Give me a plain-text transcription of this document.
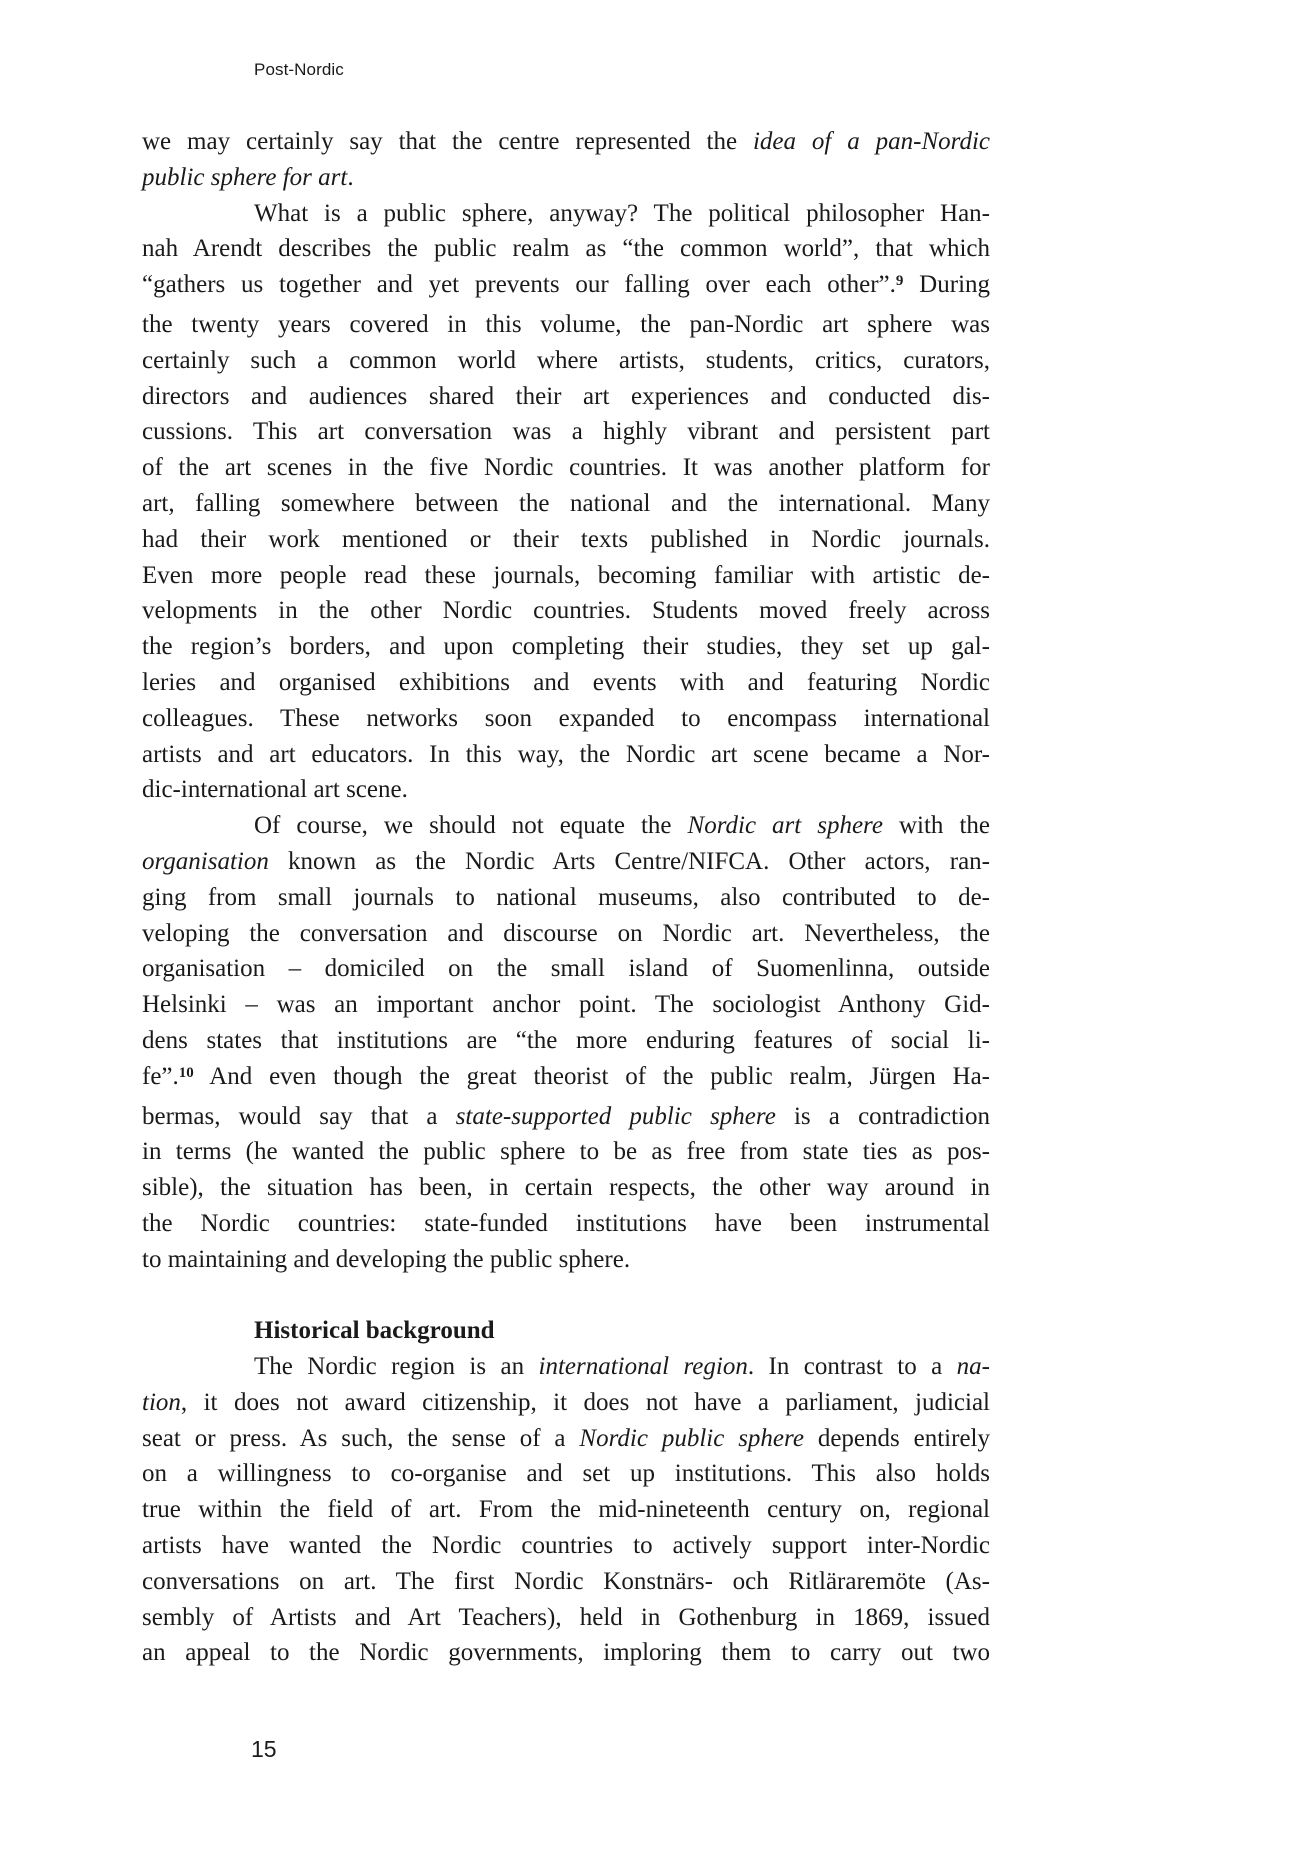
Post-Nordic

we may certainly say that the centre represented the idea of a pan-Nordic
public sphere for art.

What is a public sphere, anyway? The political philosopher Han-
nah Arendt describes the public realm as “the common world”, that which
“gathers us together and yet prevents our falling over each other”.$^9$ During
the twenty years covered in this volume, the pan-Nordic art sphere was
certainly such a common world where artists, students, critics, curators,
directors and audiences shared their art experiences and conducted dis-
cussions. This art conversation was a highly vibrant and persistent part
of the art scenes in the five Nordic countries. It was another platform for
art, falling somewhere between the national and the international. Many
had their work mentioned or their texts published in Nordic journals.
Even more people read these journals, becoming familiar with artistic de-
velopments in the other Nordic countries. Students moved freely across
the region’s borders, and upon completing their studies, they set up gal-
leries and organised exhibitions and events with and featuring Nordic
colleagues. These networks soon expanded to encompass international
artists and art educators. In this way, the Nordic art scene became a Nor-
dic-international art scene.

Of course, we should not equate the Nordic art sphere with the
organisation known as the Nordic Arts Centre/NIFCA. Other actors, ran-
ging from small journals to national museums, also contributed to de-
veloping the conversation and discourse on Nordic art. Nevertheless, the
organisation – domiciled on the small island of Suomenlinna, outside
Helsinki – was an important anchor point. The sociologist Anthony Gid-
dens states that institutions are “the more enduring features of social li-
fe”.$^{10}$ And even though the great theorist of the public realm, Jürgen Ha-
bermas, would say that a state-supported public sphere is a contradiction
in terms (he wanted the public sphere to be as free from state ties as pos-
sible), the situation has been, in certain respects, the other way around in
the Nordic countries: state-funded institutions have been instrumental
to maintaining and developing the public sphere.

Historical background

The Nordic region is an international region. In contrast to a na-
tion, it does not award citizenship, it does not have a parliament, judicial
seat or press. As such, the sense of a Nordic public sphere depends entirely
on a willingness to co-organise and set up institutions. This also holds
true within the field of art. From the mid-nineteenth century on, regional
artists have wanted the Nordic countries to actively support inter-Nordic
conversations on art. The first Nordic Konstnärs- och Ritläraremöte (As-
sembly of Artists and Art Teachers), held in Gothenburg in 1869, issued
an appeal to the Nordic governments, imploring them to carry out two

15
